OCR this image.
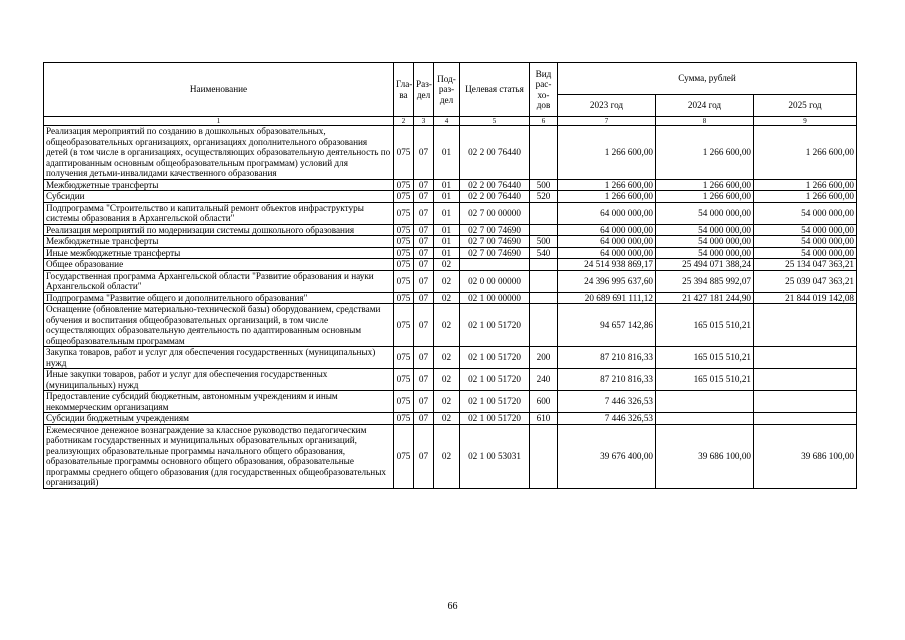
Наименование	Гла-ва	Раз-дел	Под-раз-дел	Целевая статья	Вид рас-хо-дов	Сумма, рублей		
						2023 год	2024 год	2025 год
1	2	3	4	5	6	7	8	9
Реализация мероприятий по созданию в дошкольных образовательных, общеобразовательных организациях, организациях дополнительного образования детей (в том числе в организациях, осуществляющих образовательную деятельность по адаптированным основным общеобразовательным программам) условий для получения детьми-инвалидами качественного образования	075	07	01	02 2 00 76440		1 266 600,00	1 266 600,00	1 266 600,00
Межбюджетные трансферты	075	07	01	02 2 00 76440	500	1 266 600,00	1 266 600,00	1 266 600,00
Субсидии	075	07	01	02 2 00 76440	520	1 266 600,00	1 266 600,00	1 266 600,00
Подпрограмма "Строительство и капитальный ремонт объектов инфраструктуры системы образования в Архангельской области"	075	07	01	02 7 00 00000		64 000 000,00	54 000 000,00	54 000 000,00
Реализация мероприятий по модернизации системы дошкольного образования	075	07	01	02 7 00 74690		64 000 000,00	54 000 000,00	54 000 000,00
Межбюджетные трансферты	075	07	01	02 7 00 74690	500	64 000 000,00	54 000 000,00	54 000 000,00
Иные межбюджетные трансферты	075	07	01	02 7 00 74690	540	64 000 000,00	54 000 000,00	54 000 000,00
Общее образование	075	07	02			24 514 938 869,17	25 494 071 388,24	25 134 047 363,21
Государственная программа Архангельской области "Развитие образования и науки Архангельской области"	075	07	02	02 0 00 00000		24 396 995 637,60	25 394 885 992,07	25 039 047 363,21
Подпрограмма "Развитие общего и дополнительного образования"	075	07	02	02 1 00 00000		20 689 691 111,12	21 427 181 244,90	21 844 019 142,08
Оснащение (обновление материально-технической базы) оборудованием, средствами обучения и воспитания общеобразовательных организаций, в том числе осуществляющих образовательную деятельность по адаптированным основным общеобразовательным программам	075	07	02	02 1 00 51720		94 657 142,86	165 015 510,21	
Закупка товаров, работ и услуг для обеспечения государственных (муниципальных) нужд	075	07	02	02 1 00 51720	200	87 210 816,33	165 015 510,21	
Иные закупки товаров, работ и услуг для обеспечения государственных (муниципальных) нужд	075	07	02	02 1 00 51720	240	87 210 816,33	165 015 510,21	
Предоставление субсидий бюджетным, автономным учреждениям и иным некоммерческим организациям	075	07	02	02 1 00 51720	600	7 446 326,53		
Субсидии бюджетным учреждениям	075	07	02	02 1 00 51720	610	7 446 326,53		
Ежемесячное денежное вознаграждение за классное руководство педагогическим работникам государственных и муниципальных образовательных организаций, реализующих образовательные программы начального общего образования, образовательные программы основного общего образования, образовательные программы среднего общего образования (для государственных общеобразовательных организаций)	075	07	02	02 1 00 53031		39 676 400,00	39 686 100,00	39 686 100,00
66
